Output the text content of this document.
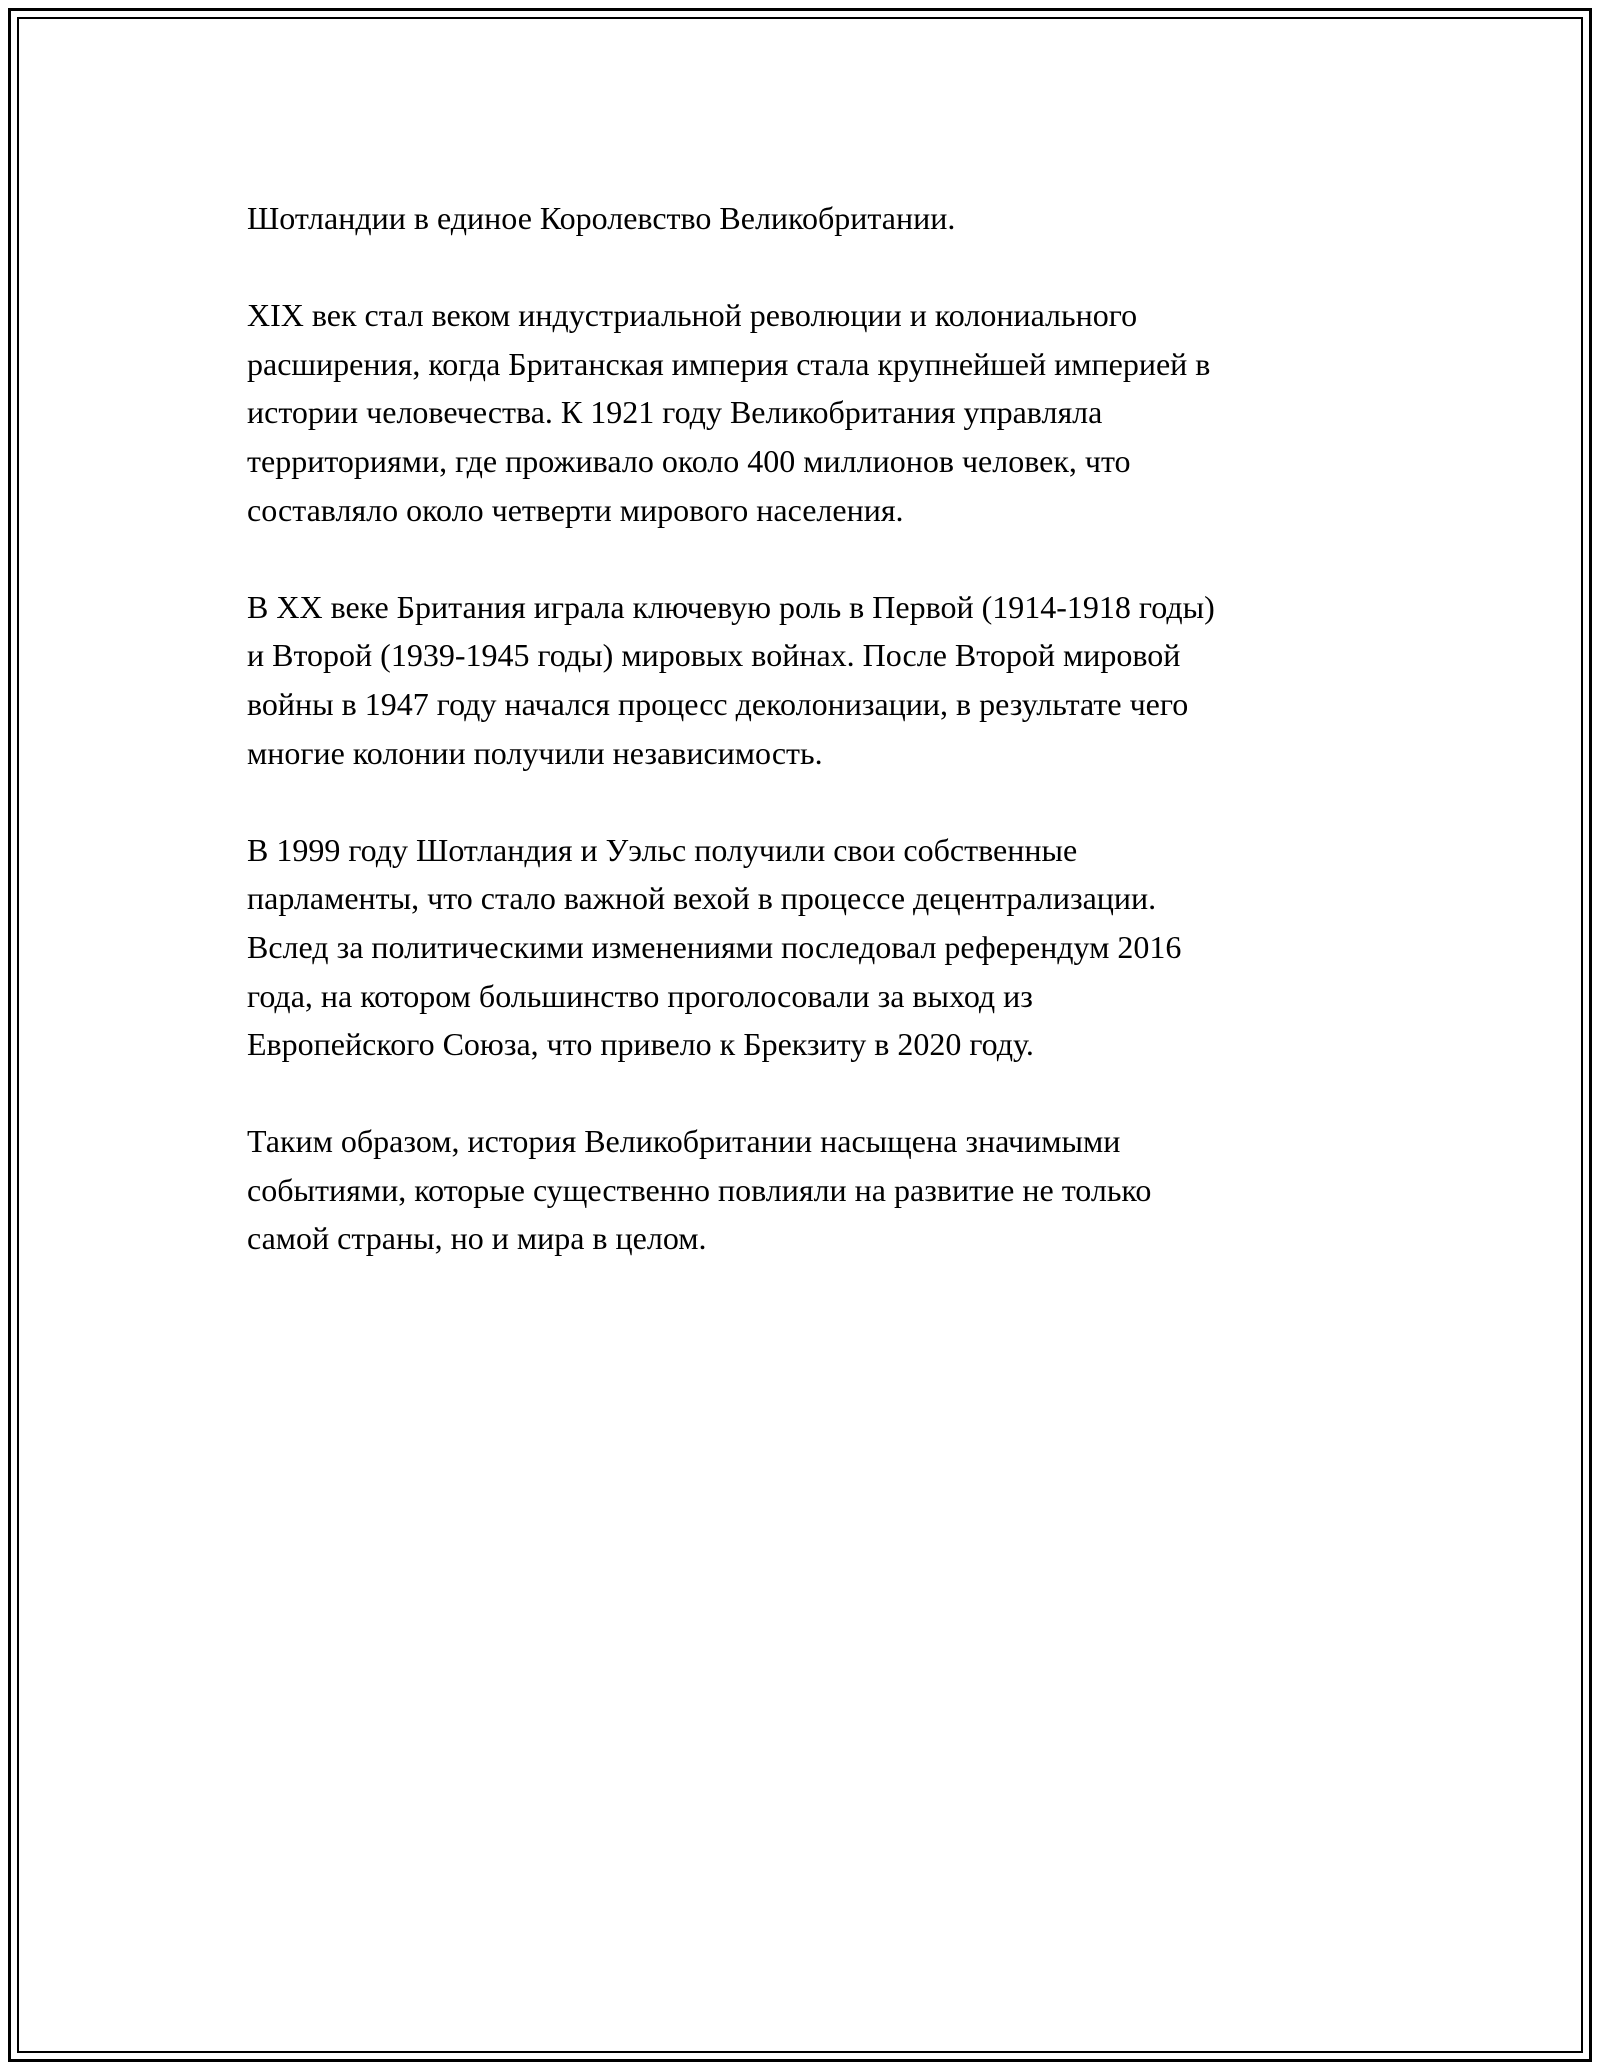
Шотландии в единое Королевство Великобритании.

XIX век стал веком индустриальной революции и колониального
расширения, когда Британская империя стала крупнейшей империей в
истории человечества. К 1921 году Великобритания управляла
территориями, где проживало около 400 миллионов человек, что
составляло около четверти мирового населения.

В XX веке Британия играла ключевую роль в Первой (1914-1918 годы)
и Второй (1939-1945 годы) мировых войнах. После Второй мировой
войны в 1947 году начался процесс деколонизации, в результате чего
многие колонии получили независимость.

В 1999 году Шотландия и Уэльс получили свои собственные
парламенты, что стало важной вехой в процессе децентрализации.
Вслед за политическими изменениями последовал референдум 2016
года, на котором большинство проголосовали за выход из
Европейского Союза, что привело к Брекзиту в 2020 году.

Таким образом, история Великобритании насыщена значимыми
событиями, которые существенно повлияли на развитие не только
самой страны, но и мира в целом.
